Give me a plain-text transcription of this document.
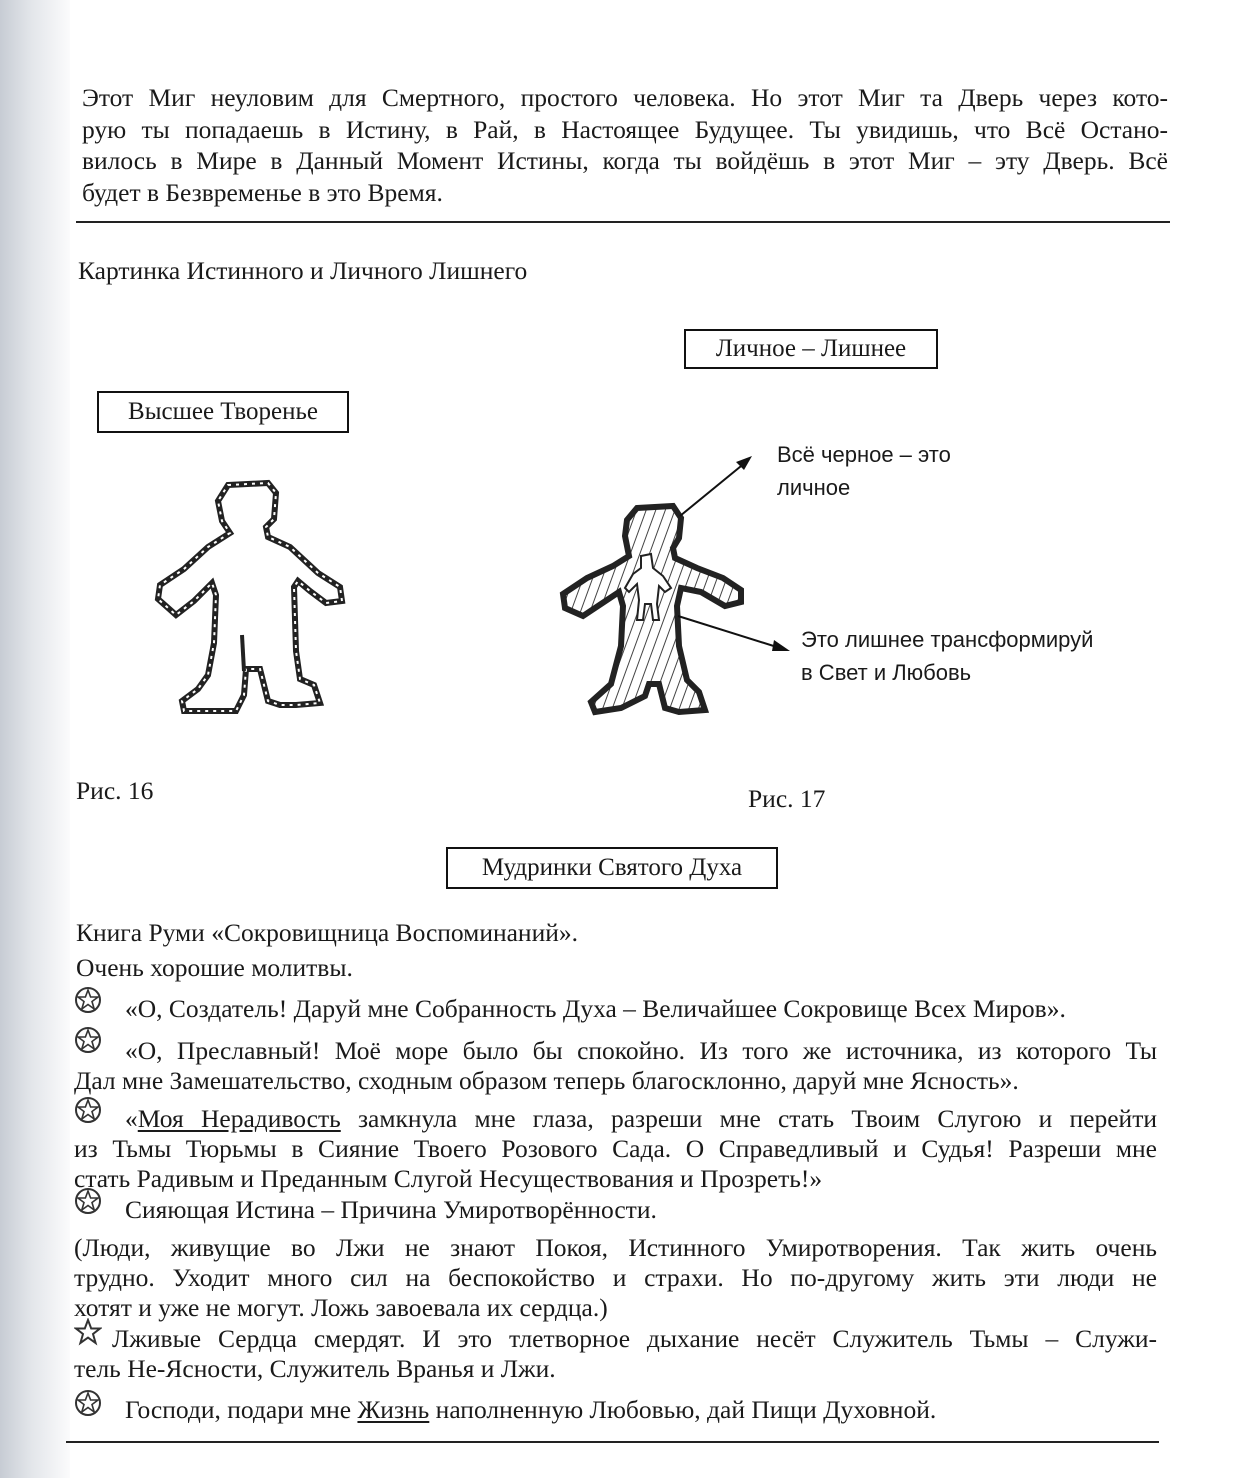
Этот Миг неуловим для Смертного, простого человека. Но этот Миг та Дверь через кото-
рую ты попадаешь в Истину, в Рай, в Настоящее Будущее. Ты увидишь, что Всё Остано-
вилось в Мире в Данный Момент Истины, когда ты войдёшь в этот Миг – эту Дверь. Всё
будет в Безвременье в это Время.

Картинка Истинного и Личного Лишнего

Личное – Лишнее
Высшее Творенье
Всё черное – это
личное
Это лишнее трансформируй
в Свет и Любовь

Рис. 16	Рис. 17

Мудринки Святого Духа

Книга Руми «Сокровищница Воспоминаний».

Очень хорошие молитвы.

«О, Создатель! Даруй мне Собранность Духа – Величайшее Сокровище Всех Миров».

«О, Преславный! Моё море было бы спокойно. Из того же источника, из которого Ты
Дал мне Замешательство, сходным образом теперь благосклонно, даруй мне Ясность».
«Моя Нерадивость замкнула мне глаза, разреши мне стать Твоим Слугою и перейти
из Тьмы Тюрьмы в Сияние Твоего Розового Сада. О Справедливый и Судья! Разреши мне
стать Радивым и Преданным Слугой Несуществования и Прозреть!»

Сияющая Истина – Причина Умиротворённости.

(Люди, живущие во Лжи не знают Покоя, Истинного Умиротворения. Так жить очень
трудно. Уходит много сил на беспокойство и страхи. Но по-другому жить эти люди не
хотят и уже не могут. Ложь завоевала их сердца.)
Лживые Сердца смердят. И это тлетворное дыхание несёт Служитель Тьмы – Служи-
тель Не-Ясности, Служитель Вранья и Лжи.

Господи, подари мне Жизнь наполненную Любовью, дай Пищи Духовной.
